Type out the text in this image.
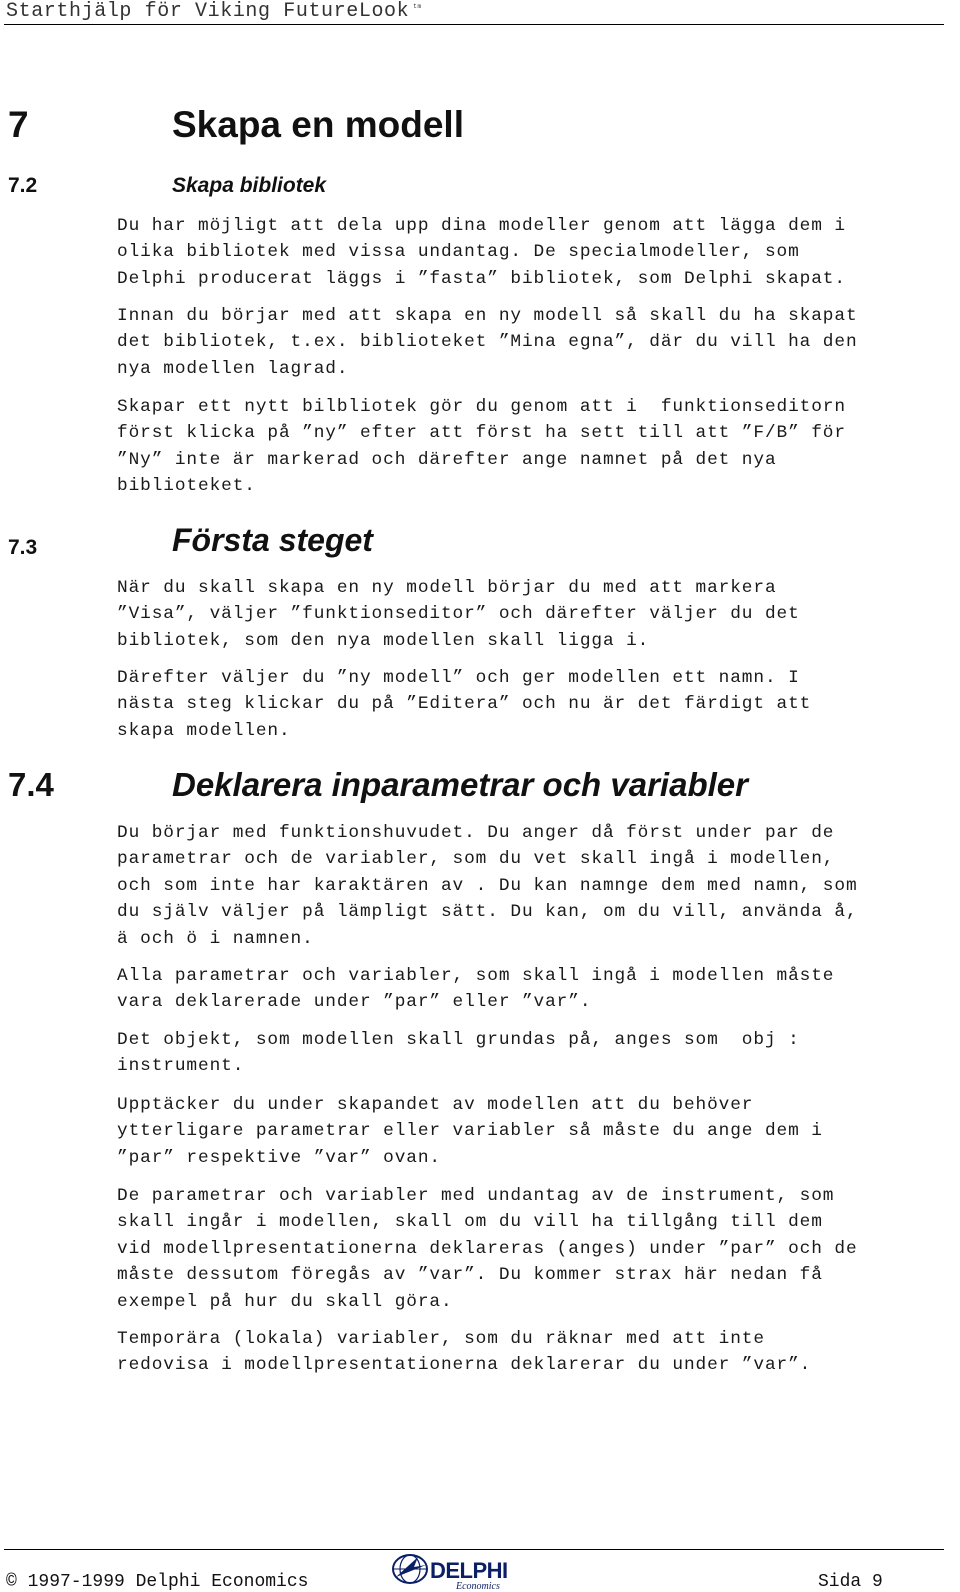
Starthjälp för Viking FutureLook $^{tm}$
7	Skapa en modell
7.2	Skapa bibliotek

Du har möjligt att dela upp dina modeller genom att lägga dem i
olika bibliotek med vissa undantag. De specialmodeller, som
Delphi producerat läggs i ”fasta” bibliotek, som Delphi skapat.

Innan du börjar med att skapa en ny modell så skall du ha skapat
det bibliotek, t.ex. biblioteket ”Mina egna”, där du vill ha den
nya modellen lagrad.

Skapar ett nytt bilbliotek gör du genom att i  funktionseditorn
först klicka på ”ny” efter att först ha sett till att ”F/B” för
”Ny” inte är markerad och därefter ange namnet på det nya
biblioteket.

7.3	Första steget

När du skall skapa en ny modell börjar du med att markera
”Visa”, väljer ”funktionseditor” och därefter väljer du det
bibliotek, som den nya modellen skall ligga i.

Därefter väljer du ”ny modell” och ger modellen ett namn. I
nästa steg klickar du på ”Editera” och nu är det färdigt att
skapa modellen.

7.4	Deklarera inparametrar och variabler

Du börjar med funktionshuvudet. Du anger då först under par de
parametrar och de variabler, som du vet skall ingå i modellen,
och som inte har karaktären av . Du kan namnge dem med namn, som
du själv väljer på lämpligt sätt. Du kan, om du vill, använda å,
ä och ö i namnen.

Alla parametrar och variabler, som skall ingå i modellen måste
vara deklarerade under ”par” eller ”var”.

Det objekt, som modellen skall grundas på, anges som  obj :
instrument.

Upptäcker du under skapandet av modellen att du behöver
ytterligare parametrar eller variabler så måste du ange dem i
”par” respektive ”var” ovan.

De parametrar och variabler med undantag av de instrument, som
skall ingår i modellen, skall om du vill ha tillgång till dem
vid modellpresentationerna deklareras (anges) under ”par” och de
måste dessutom föregås av ”var”. Du kommer strax här nedan få
exempel på hur du skall göra.

Temporära (lokala) variabler, som du räknar med att inte
redovisa i modellpresentationerna deklarerar du under ”var”.

© 1997-1999 Delphi Economics	DELPHI
Economics	Sida 9
